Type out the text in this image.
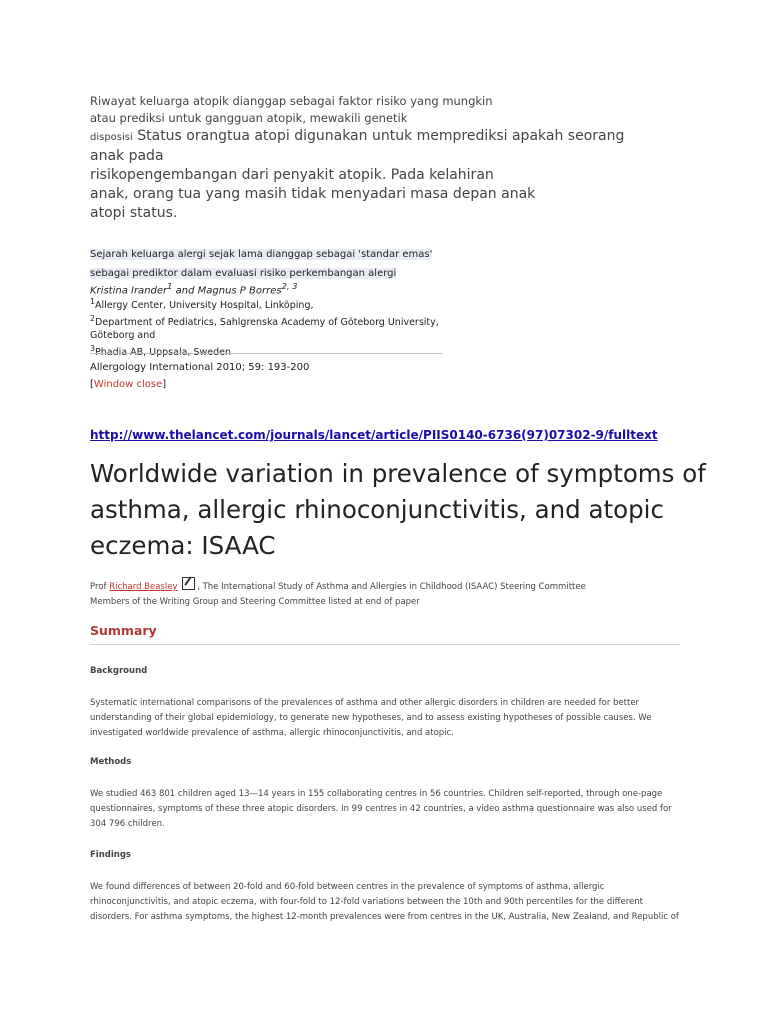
Riwayat keluarga atopik dianggap sebagai faktor risiko yang mungkin
atau prediksi untuk gangguan atopik, mewakili genetik
disposisi Status orangtua atopi digunakan untuk memprediksi apakah seorang anak pada
risikopengembangan dari penyakit atopik. Pada kelahiran
anak, orang tua yang masih tidak menyadari masa depan anak
atopi status.
Sejarah keluarga alergi sejak lama dianggap sebagai 'standar emas'
sebagai prediktor dalam evaluasi risiko perkembangan alergi
Kristina Irander$^1$ and Magnus P Borres$^{2, 3}$
$^1$Allergy Center, University Hospital, Linköping,
$^2$Department of Pediatrics, Sahlgrenska Academy of Göteborg University, Göteborg and
$^3$Phadia AB, Uppsala, Sweden
Allergology International 2010; 59: 193-200
[Window close]
http://www.thelancet.com/journals/lancet/article/PIIS0140-6736(97)07302-9/fulltext
Worldwide variation in prevalence of symptoms of asthma, allergic rhinoconjunctivitis, and atopic eczema: ISAAC
Prof Richard Beasley , The International Study of Asthma and Allergies in Childhood (ISAAC) Steering Committee
Members of the Writing Group and Steering Committee listed at end of paper
Summary
Background

Systematic international comparisons of the prevalences of asthma and other allergic disorders in children are needed for better understanding of their global epidemiology, to generate new hypotheses, and to assess existing hypotheses of possible causes. We investigated worldwide prevalence of asthma, allergic rhinoconjunctivitis, and atopic.

Methods

We studied 463 801 children aged 13—14 years in 155 collaborating centres in 56 countries. Children self-reported, through one-page questionnaires, symptoms of these three atopic disorders. In 99 centres in 42 countries, a video asthma questionnaire was also used for 304 796 children.

Findings

We found differences of between 20-fold and 60-fold between centres in the prevalence of symptoms of asthma, allergic rhinoconjunctivitis, and atopic eczema, with four-fold to 12-fold variations between the 10th and 90th percentiles for the different disorders. For asthma symptoms, the highest 12-month prevalences were from centres in the UK, Australia, New Zealand, and Republic of
